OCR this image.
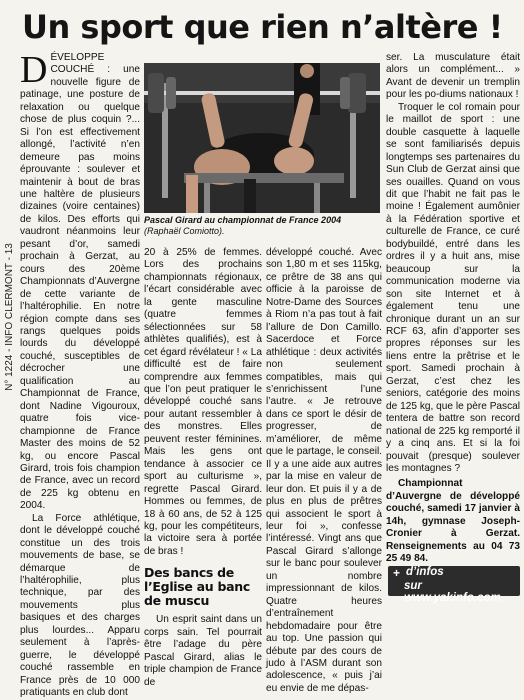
Un sport que rien n’altère !
N° 1224 - INFO CLERMONT - 13

DÉVELOPPE COUCHÉ : une nouvelle figure de patinage, une posture de relaxation ou quelque chose de plus coquin ?... Si l’on est effectivement allongé, l’activité n’en demeure pas moins éprouvante : soulever et maintenir à bout de bras une haltère de plusieurs dizaines (voire centaines) de kilos. Des efforts qui vaudront néanmoins leur pesant d’or, samedi prochain à Gerzat, au cours des 20ème Championnats d’Auvergne de cette variante de l’haltérophilie. En notre région compte dans ses rangs quelques poids lourds du développé couché, susceptibles de décrocher une qualification au Championnat de France, dont Nadine Vigouroux, quatre fois vice-championne de France Master des moins de 52 kg, ou encore Pascal Girard, trois fois champion de France, avec un record de 225 kg obtenu en 2004.

La Force athlétique, dont le développé couché constitue un des trois mouvements de base, se démarque de l’haltérophilie, plus technique, par des mouvements plus basiques et des charges plus lourdes... Apparu seulement à l’après-guerre, le développé couché rassemble en France près de 10 000 pratiquants en club dont

Pascal Girard au championnat de France 2004 (Raphaël Comiotto).

20 à 25% de femmes. Lors des prochains championnats régionaux, l’écart considérable avec la gente masculine (quatre femmes sélectionnées sur 58 athlètes qualifiés), est à cet égard révélateur ! « La difficulté est de faire comprendre aux femmes que l’on peut pratiquer le développé couché sans pour autant ressembler à des monstres. Elles peuvent rester féminines. Mais les gens ont tendance à associer ce sport au culturisme », regrette Pascal Girard. Hommes ou femmes, de 18 à 60 ans, de 52 à 125 kg, pour les compétiteurs, la victoire sera à portée de bras !

Des bancs de l’Eglise au banc de muscu

Un esprit saint dans un corps sain. Tel pourrait être l’adage du père Pascal Girard, alias le triple champion de France de

développé couché. Avec son 1,80 m et ses 115kg, ce prêtre de 38 ans qui officie à la paroisse de Notre-Dame des Sources à Riom n’a pas tout à fait l’allure de Don Camillo. Sacerdoce et Force athlétique : deux activités non seulement compatibles, mais qui s’enrichissent l’une l’autre. « Je retrouve dans ce sport le désir de progresser, de m’améliorer, de même que le partage, le conseil. Il y a une aide aux autres par la mise en valeur de leur don. Et puis il y a de plus en plus de prêtres qui associent le sport à leur foi », confesse l’intéressé. Vingt ans que Pascal Girard s’allonge sur le banc pour soulever un nombre impressionnant de kilos. Quatre heures d’entraînement hebdomadaire pour être au top. Une passion qui débute par des cours de judo à l’ASM durant son adolescence, « puis j’ai eu envie de me dépas-

ser. La musculature était alors un complément... » Avant de devenir un tremplin pour les po-diums nationaux !

Troquer le col romain pour le maillot de sport : une double casquette à laquelle se sont familiarisés depuis longtemps ses partenaires du Sun Club de Gerzat ainsi que ses ouailles. Quand on vous dit que l’habit ne fait pas le moine ! Également aumônier à la Fédération sportive et culturelle de France, ce curé bodybuildé, entré dans les ordres il y a huit ans, mise beaucoup sur la communication moderne via son site Internet et à également tenu une chronique durant un an sur RCF 63, afin d’apporter ses propres réponses sur les liens entre la prêtrise et le sport. Samedi prochain à Gerzat, c’est chez les seniors, catégorie des moins de 125 kg, que le père Pascal tentera de battre son record national de 225 kg remporté il y a cinq ans. Et si la foi pouvait (presque) soulever les montagnes ?

Championnat d’Auvergne de développé couché, samedi 17 janvier à 14h, gymnase Joseph-Cronier à Gerzat. Renseignements au 04 73 25 49 84.

+ d’infos
sur www.yakinfo.com
